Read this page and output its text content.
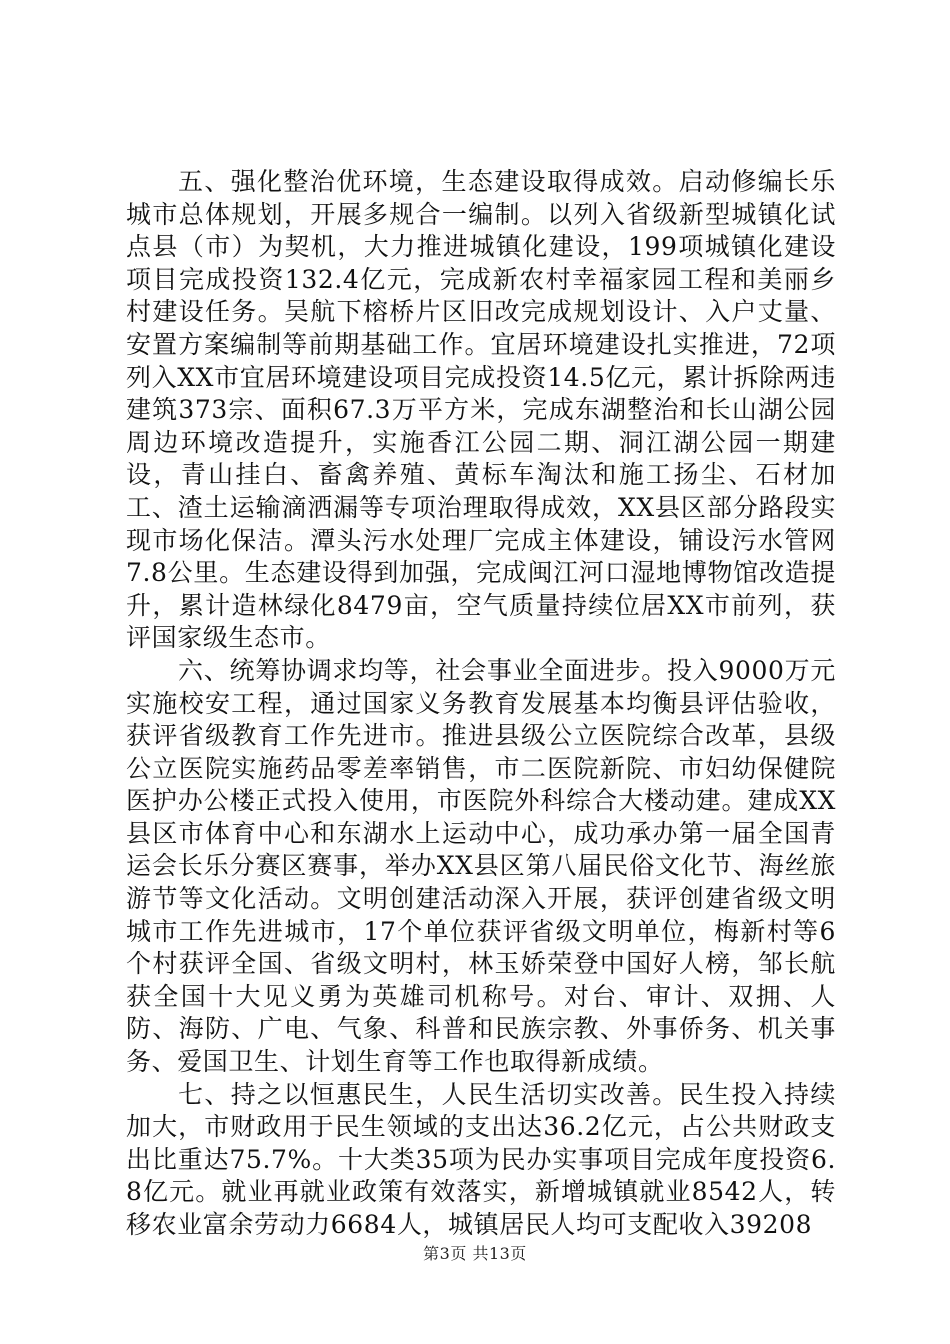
五、强化整治优环境，生态建设取得成效。启动修编长乐城市总体规划，开展多规合一编制。以列入省级新型城镇化试点县（市）为契机，大力推进城镇化建设，199项城镇化建设项目完成投资132.4亿元，完成新农村幸福家园工程和美丽乡村建设任务。吴航下榕桥片区旧改完成规划设计、入户丈量、安置方案编制等前期基础工作。宜居环境建设扎实推进，72项列入XX市宜居环境建设项目完成投资14.5亿元，累计拆除两违建筑373宗、面积67.3万平方米，完成东湖整治和长山湖公园周边环境改造提升，实施香江公园二期、洞江湖公园一期建设，青山挂白、畜禽养殖、黄标车淘汰和施工扬尘、石材加工、渣土运输滴洒漏等专项治理取得成效，XX县区部分路段实现市场化保洁。潭头污水处理厂完成主体建设，铺设污水管网7.8公里。生态建设得到加强，完成闽江河口湿地博物馆改造提升，累计造林绿化8479亩，空气质量持续位居XX市前列，获评国家级生态市。

六、统筹协调求均等，社会事业全面进步。投入9000万元实施校安工程，通过国家义务教育发展基本均衡县评估验收，获评省级教育工作先进市。推进县级公立医院综合改革，县级公立医院实施药品零差率销售，市二医院新院、市妇幼保健院医护办公楼正式投入使用，市医院外科综合大楼动建。建成XX县区市体育中心和东湖水上运动中心，成功承办第一届全国青运会长乐分赛区赛事，举办XX县区第八届民俗文化节、海丝旅游节等文化活动。文明创建活动深入开展，获评创建省级文明城市工作先进城市，17个单位获评省级文明单位，梅新村等6个村获评全国、省级文明村，林玉娇荣登中国好人榜，邹长航获全国十大见义勇为英雄司机称号。对台、审计、双拥、人防、海防、广电、气象、科普和民族宗教、外事侨务、机关事务、爱国卫生、计划生育等工作也取得新成绩。

七、持之以恒惠民生，人民生活切实改善。民生投入持续加大，市财政用于民生领域的支出达36.2亿元，占公共财政支出比重达75.7%。十大类35项为民办实事项目完成年度投资6.8亿元。就业再就业政策有效落实，新增城镇就业8542人，转移农业富余劳动力6684人，城镇居民人均可支配收入39208

第3页 共13页
